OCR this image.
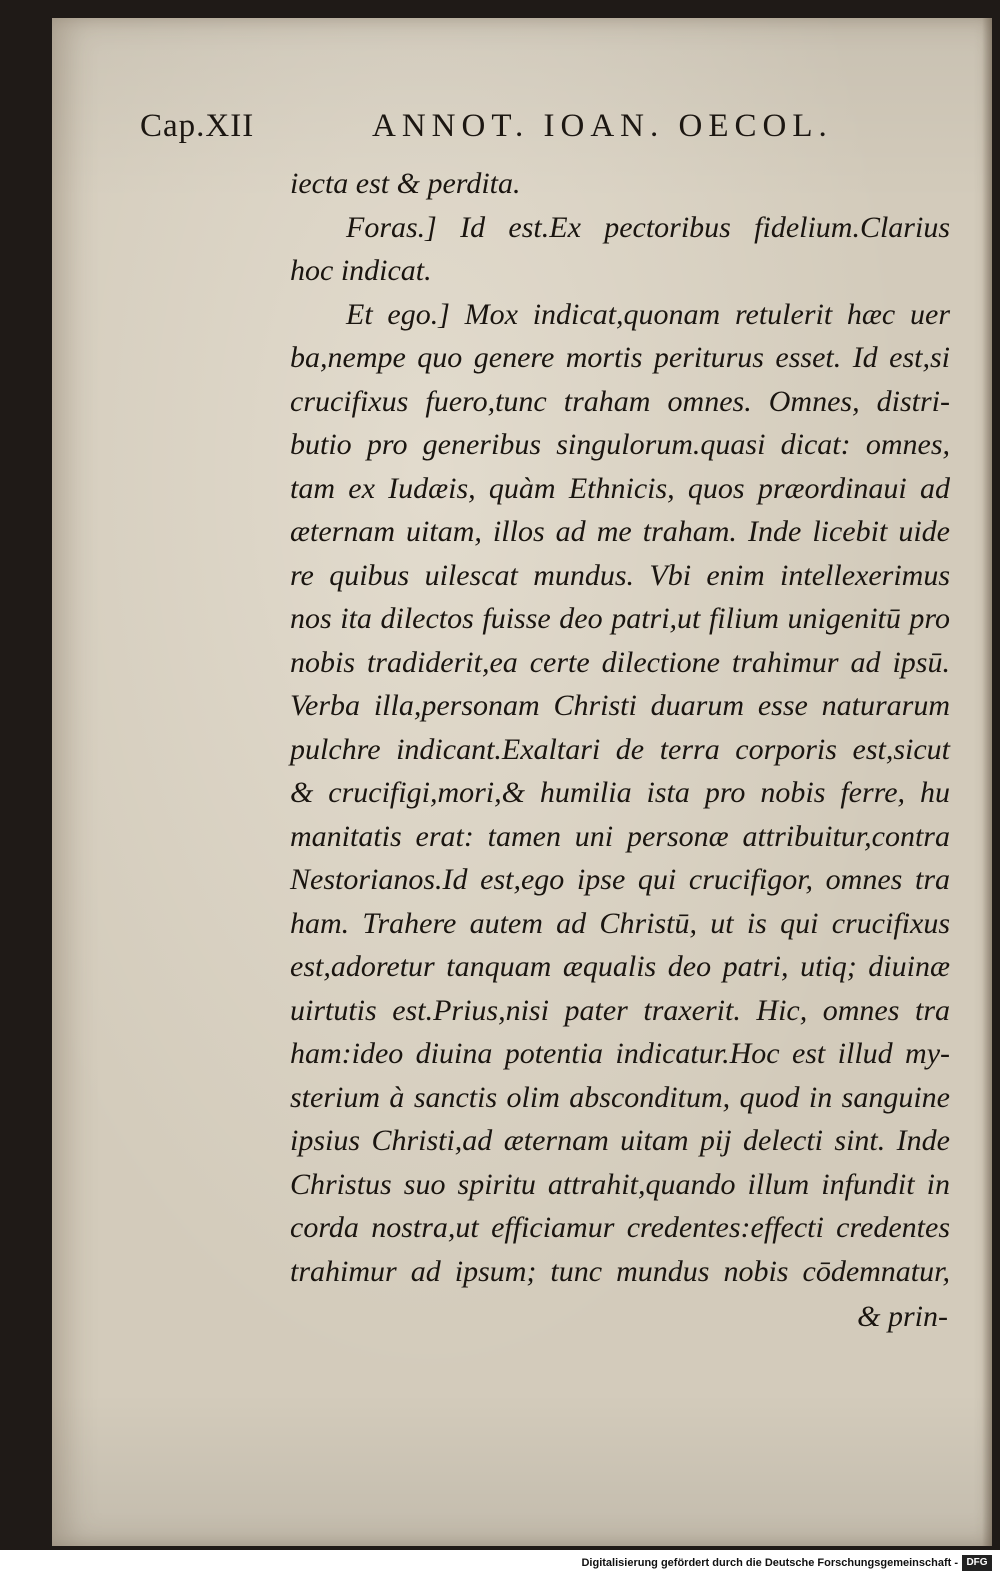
Cap.XII	ANNOT. IOAN. OECOL.
iecta est & perdita.
Foras.] Id est.Ex pectoribus fidelium.Clarius
hoc indicat.
Et ego.] Mox indicat,quonam retulerit hæc uer
ba,nempe quo genere mortis periturus esset. Id est,si
crucifixus fuero,tunc traham omnes. Omnes, distri-
butio pro generibus singulorum.quasi dicat: omnes,
tam ex Iudæis, quàm Ethnicis, quos præordinaui ad
æternam uitam, illos ad me traham. Inde licebit uide
re quibus uilescat mundus. Vbi enim intellexerimus
nos ita dilectos fuisse deo patri,ut filium unigenitū pro
nobis tradiderit,ea certe dilectione trahimur ad ipsū.
Verba illa,personam Christi duarum esse naturarum
pulchre indicant.Exaltari de terra corporis est,sicut
& crucifigi,mori,& humilia ista pro nobis ferre, hu
manitatis erat: tamen uni personæ attribuitur,contra
Nestorianos.Id est,ego ipse qui crucifigor, omnes tra
ham. Trahere autem ad Christū, ut is qui crucifixus
est,adoretur tanquam æqualis deo patri, utiq; diuinæ
uirtutis est.Prius,nisi pater traxerit. Hic, omnes tra
ham:ideo diuina potentia indicatur.Hoc est illud my-
sterium à sanctis olim absconditum, quod in sanguine
ipsius Christi,ad æternam uitam pij delecti sint. Inde
Christus suo spiritu attrahit,quando illum infundit in
corda nostra,ut efficiamur credentes:effecti credentes
trahimur ad ipsum; tunc mundus nobis cōdemnatur,
& prin-
Digitalisierung gefördert durch die Deutsche Forschungsgemeinschaft - DFG
